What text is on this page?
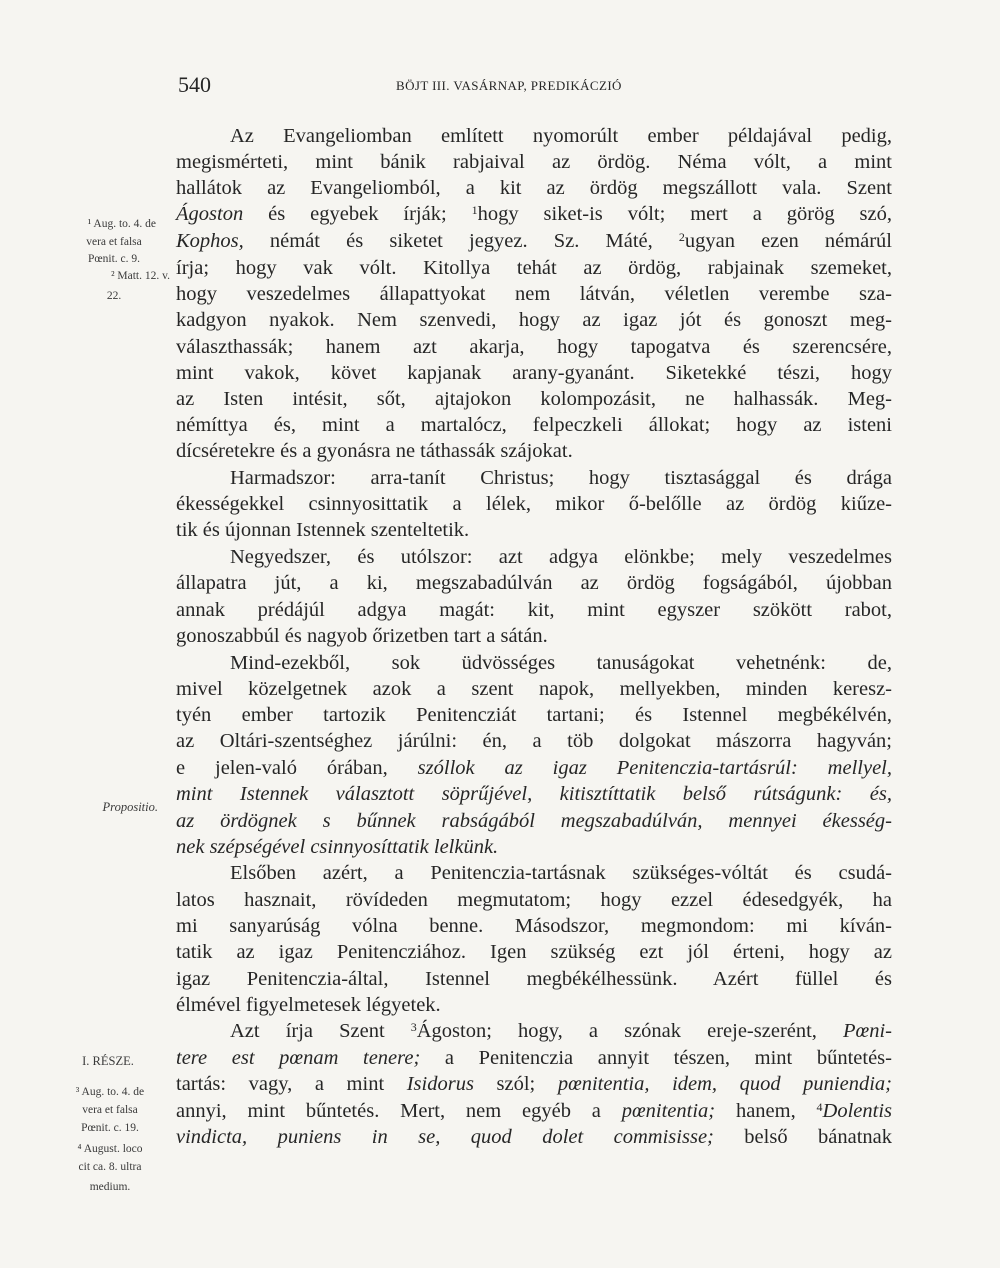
540	BÖJT III. VASÁRNAP, PREDIKÁCZIÓ
Az Evangeliomban említett nyomorúlt ember példajával pedig,
megismérteti, mint bánik rabjaival az ördög. Néma vólt, a mint
hallátok az Evangeliomból, a kit az ördög megszállott vala. Szent
Ágoston és egyebek írják; $^1$hogy siket-is vólt; mert a görög szó,
Kophos, némát és siketet jegyez. Sz. Máté, $^2$ugyan ezen némárúl
írja; hogy vak vólt. Kitollya tehát az ördög, rabjainak szemeket,
hogy veszedelmes állapattyokat nem látván, véletlen verembe sza-
kadgyon nyakok. Nem szenvedi, hogy az igaz jót és gonoszt meg-
választhassák; hanem azt akarja, hogy tapogatva és szerencsére,
mint vakok, követ kapjanak arany-gyanánt. Siketekké tészi, hogy
az Isten intésit, sőt, ajtajokon kolompozásit, ne halhassák. Meg-
némíttya és, mint a martalócz, felpeczkeli állokat; hogy az isteni
dícséretekre és a gyonásra ne táthassák szájokat.
Harmadszor: arra-tanít Christus; hogy tisztasággal és drága
ékességekkel csinnyosittatik a lélek, mikor ő-belőlle az ördög kiűze-
tik és újonnan Istennek szenteltetik.
Negyedszer, és utólszor: azt adgya elönkbe; mely veszedelmes
állapatra jút, a ki, megszabadúlván az ördög fogságából, újobban
annak prédájúl adgya magát: kit, mint egyszer szökött rabot,
gonoszabbúl és nagyob őrizetben tart a sátán.
Mind-ezekből, sok üdvösséges tanuságokat vehetnénk: de,
mivel közelgetnek azok a szent napok, mellyekben, minden keresz-
tyén ember tartozik Penitencziát tartani; és Istennel megbékélvén,
az Oltári-szentséghez járúlni: én, a töb dolgokat mászorra hagyván;
e jelen-való órában, szóllok az igaz Penitenczia-tartásrúl: mellyel,
mint Istennek választott söprűjével, kitisztíttatik belső rútságunk: és,
az ördögnek s bűnnek rabságából megszabadúlván, mennyei ékesség-
nek szépségével csinnyosíttatik lelkünk.
Elsőben azért, a Penitenczia-tartásnak szükséges-vóltát és csudá-
latos hasznait, rövídeden megmutatom; hogy ezzel édesedgyék, ha
mi sanyarúság vólna benne. Másodszor, megmondom: mi kíván-
tatik az igaz Penitencziához. Igen szükség ezt jól érteni, hogy az
igaz Penitenczia-által, Istennel megbékélhessünk. Azért füllel és
élmével figyelmetesek légyetek.
Azt írja Szent $^3$Ágoston; hogy, a szónak ereje-szerént, Pœni-
tere est pœnam tenere; a Penitenczia annyit tészen, mint bűntetés-
tartás: vagy, a mint Isidorus szól; pœnitentia, idem, quod puniendia;
annyi, mint bűntetés. Mert, nem egyéb a pœnitentia; hanem, $^4$Dolentis
vindicta, puniens in se, quod dolet commisisse; belső bánatnak
¹ Aug. to. 4. de
vera et falsa
Pœnit. c. 9.
² Matt. 12. v.
22.
Propositio.
I. RÉSZE.
³ Aug. to. 4. de
vera et falsa
Pœnit. c. 19.
⁴ August. loco
cit ca. 8. ultra
medium.
